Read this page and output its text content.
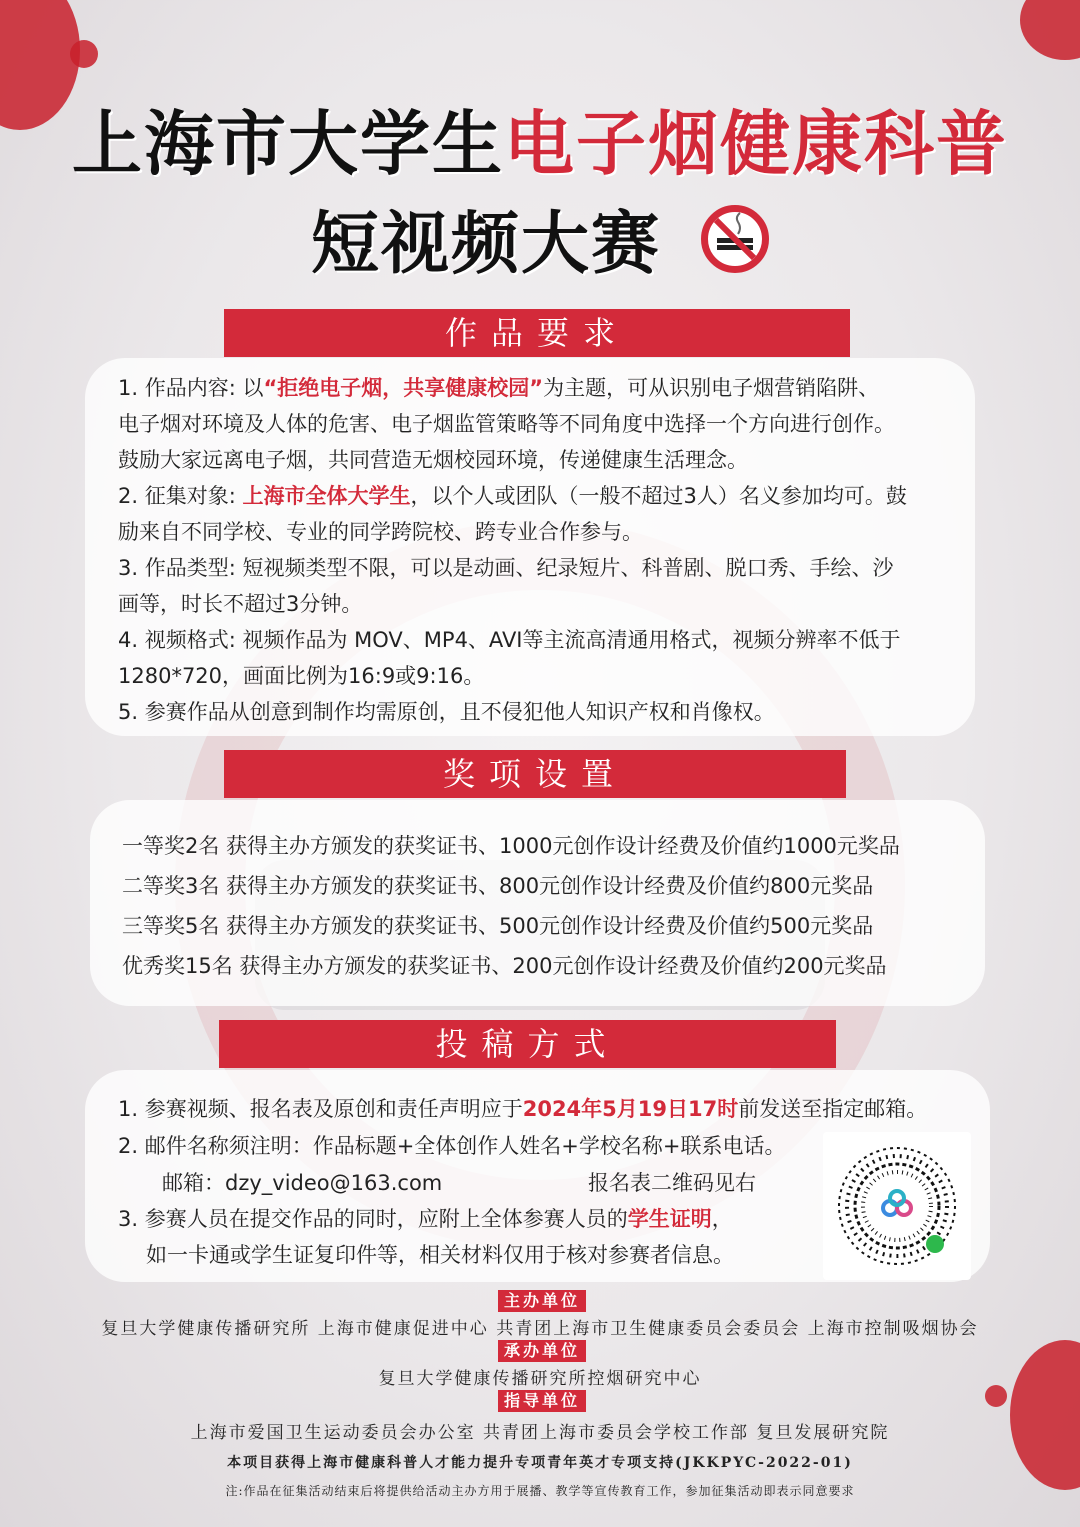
上海市大学生电子烟健康科普
短视频大赛
作品要求
1. 作品内容: 以“拒绝电子烟，共享健康校园”为主题，可从识别电子烟营销陷阱、
电子烟对环境及人体的危害、电子烟监管策略等不同角度中选择一个方向进行创作。
鼓励大家远离电子烟，共同营造无烟校园环境，传递健康生活理念。
2. 征集对象: 上海市全体大学生，以个人或团队（一般不超过3人）名义参加均可。鼓
励来自不同学校、专业的同学跨院校、跨专业合作参与。
3. 作品类型: 短视频类型不限，可以是动画、纪录短片、科普剧、脱口秀、手绘、沙
画等，时长不超过3分钟。
4. 视频格式: 视频作品为 MOV、MP4、AVI等主流高清通用格式，视频分辨率不低于
1280*720，画面比例为16:9或9:16。
5. 参赛作品从创意到制作均需原创，且不侵犯他人知识产权和肖像权。
奖项设置
一等奖2名 获得主办方颁发的获奖证书、1000元创作设计经费及价值约1000元奖品
二等奖3名 获得主办方颁发的获奖证书、800元创作设计经费及价值约800元奖品
三等奖5名 获得主办方颁发的获奖证书、500元创作设计经费及价值约500元奖品
优秀奖15名 获得主办方颁发的获奖证书、200元创作设计经费及价值约200元奖品
投稿方式
1. 参赛视频、报名表及原创和责任声明应于2024年5月19日17时前发送至指定邮箱。
2. 邮件名称须注明：作品标题+全体创作人姓名+学校名称+联系电话。
邮箱：dzy_video@163.com	报名表二维码见右
3. 参赛人员在提交作品的同时，应附上全体参赛人员的学生证明，
如一卡通或学生证复印件等，相关材料仅用于核对参赛者信息。
主办单位
复旦大学健康传播研究所 上海市健康促进中心 共青团上海市卫生健康委员会委员会 上海市控制吸烟协会
承办单位
复旦大学健康传播研究所控烟研究中心
指导单位
上海市爱国卫生运动委员会办公室 共青团上海市委员会学校工作部 复旦发展研究院
本项目获得上海市健康科普人才能力提升专项青年英才专项支持(JKKPYC-2022-01)
注:作品在征集活动结束后将提供给活动主办方用于展播、教学等宣传教育工作，参加征集活动即表示同意要求
